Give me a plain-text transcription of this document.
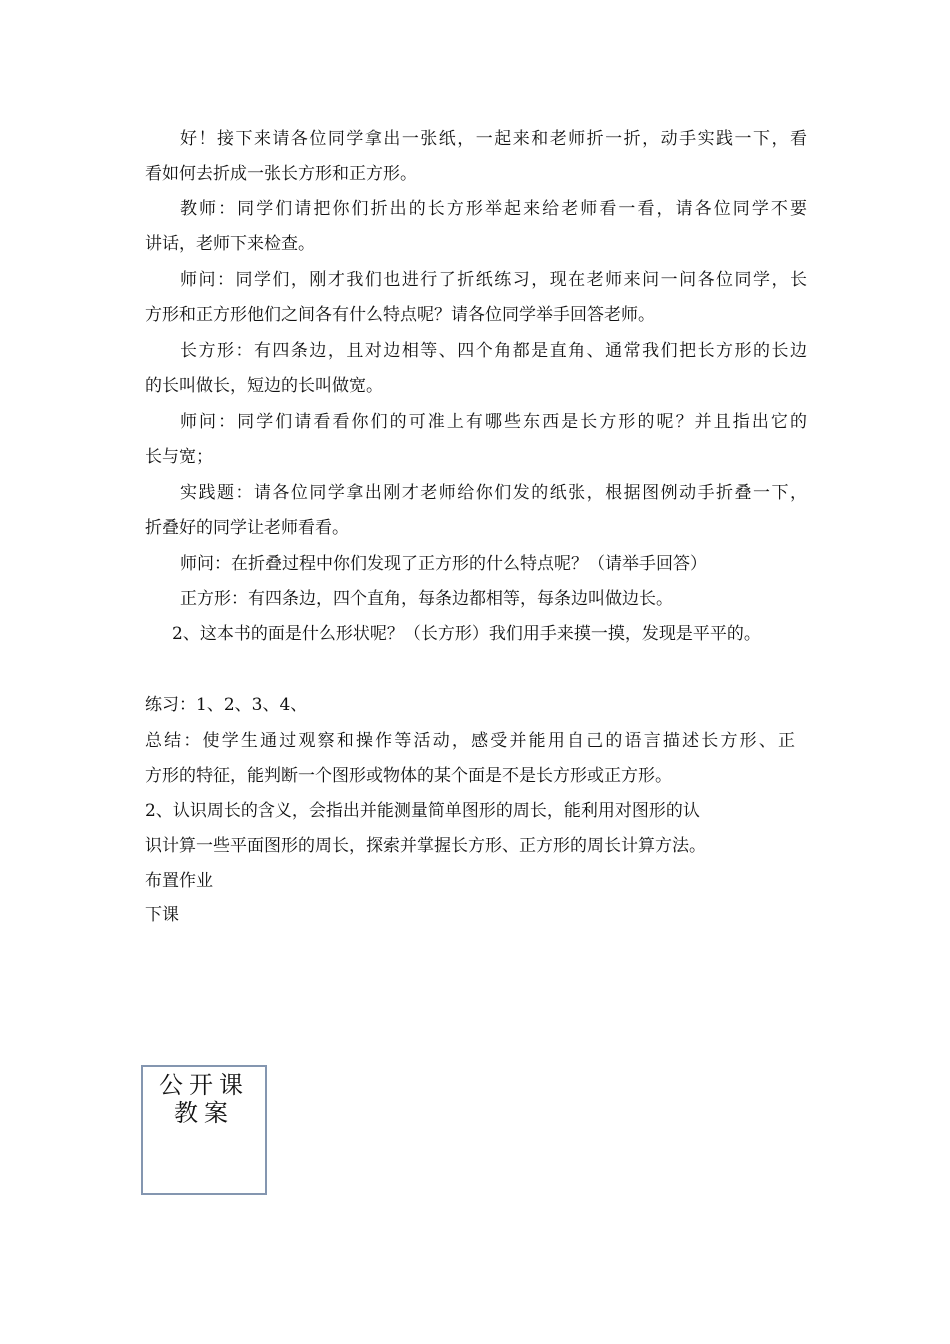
好！接下来请各位同学拿出一张纸，一起来和老师折一折，动手实践一下，看
看如何去折成一张长方形和正方形。
教师：同学们请把你们折出的长方形举起来给老师看一看，请各位同学不要
讲话，老师下来检查。
师问：同学们，刚才我们也进行了折纸练习，现在老师来问一问各位同学，长
方形和正方形他们之间各有什么特点呢？请各位同学举手回答老师。
长方形：有四条边，且对边相等、四个角都是直角、通常我们把长方形的长边
的长叫做长，短边的长叫做宽。
师问：同学们请看看你们的可准上有哪些东西是长方形的呢？并且指出它的
长与宽；
实践题：请各位同学拿出刚才老师给你们发的纸张，根据图例动手折叠一下，
折叠好的同学让老师看看。
师问：在折叠过程中你们发现了正方形的什么特点呢？（请举手回答）
正方形：有四条边，四个直角，每条边都相等，每条边叫做边长。
2、这本书的面是什么形状呢？（长方形）我们用手来摸一摸，发现是平平的。
练习：1、2、3、4、
总结：使学生通过观察和操作等活动，感受并能用自己的语言描述长方形、正
方形的特征，能判断一个图形或物体的某个面是不是长方形或正方形。
2、认识周长的含义，会指出并能测量简单图形的周长，能利用对图形的认
识计算一些平面图形的周长，探索并掌握长方形、正方形的周长计算方法。
布置作业
下课
公开课
教案
